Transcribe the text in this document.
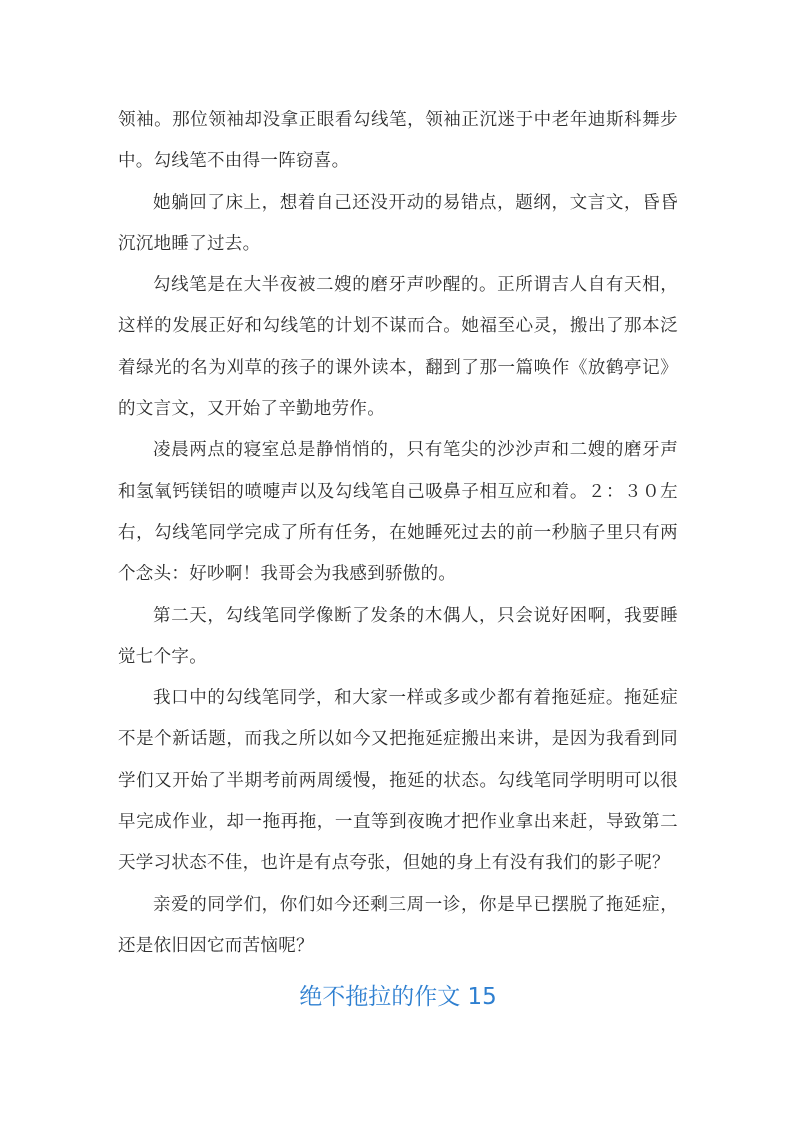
领袖。那位领袖却没拿正眼看勾线笔，领袖正沉迷于中老年迪斯科舞步中。勾线笔不由得一阵窃喜。

她躺回了床上，想着自己还没开动的易错点，题纲，文言文，昏昏沉沉地睡了过去。

勾线笔是在大半夜被二嫂的磨牙声吵醒的。正所谓吉人自有天相，这样的发展正好和勾线笔的计划不谋而合。她福至心灵，搬出了那本泛着绿光的名为刈草的孩子的课外读本，翻到了那一篇唤作《放鹤亭记》的文言文，又开始了辛勤地劳作。

凌晨两点的寝室总是静悄悄的，只有笔尖的沙沙声和二嫂的磨牙声和氢氧钙镁铝的喷嚏声以及勾线笔自己吸鼻子相互应和着。２：３０左右，勾线笔同学完成了所有任务，在她睡死过去的前一秒脑子里只有两个念头：好吵啊！我哥会为我感到骄傲的。

第二天，勾线笔同学像断了发条的木偶人，只会说好困啊，我要睡觉七个字。

我口中的勾线笔同学，和大家一样或多或少都有着拖延症。拖延症不是个新话题，而我之所以如今又把拖延症搬出来讲，是因为我看到同学们又开始了半期考前两周缓慢，拖延的状态。勾线笔同学明明可以很早完成作业，却一拖再拖，一直等到夜晚才把作业拿出来赶，导致第二天学习状态不佳，也许是有点夸张，但她的身上有没有我们的影子呢？

亲爱的同学们，你们如今还剩三周一诊，你是早已摆脱了拖延症，还是依旧因它而苦恼呢？

绝不拖拉的作文 15
